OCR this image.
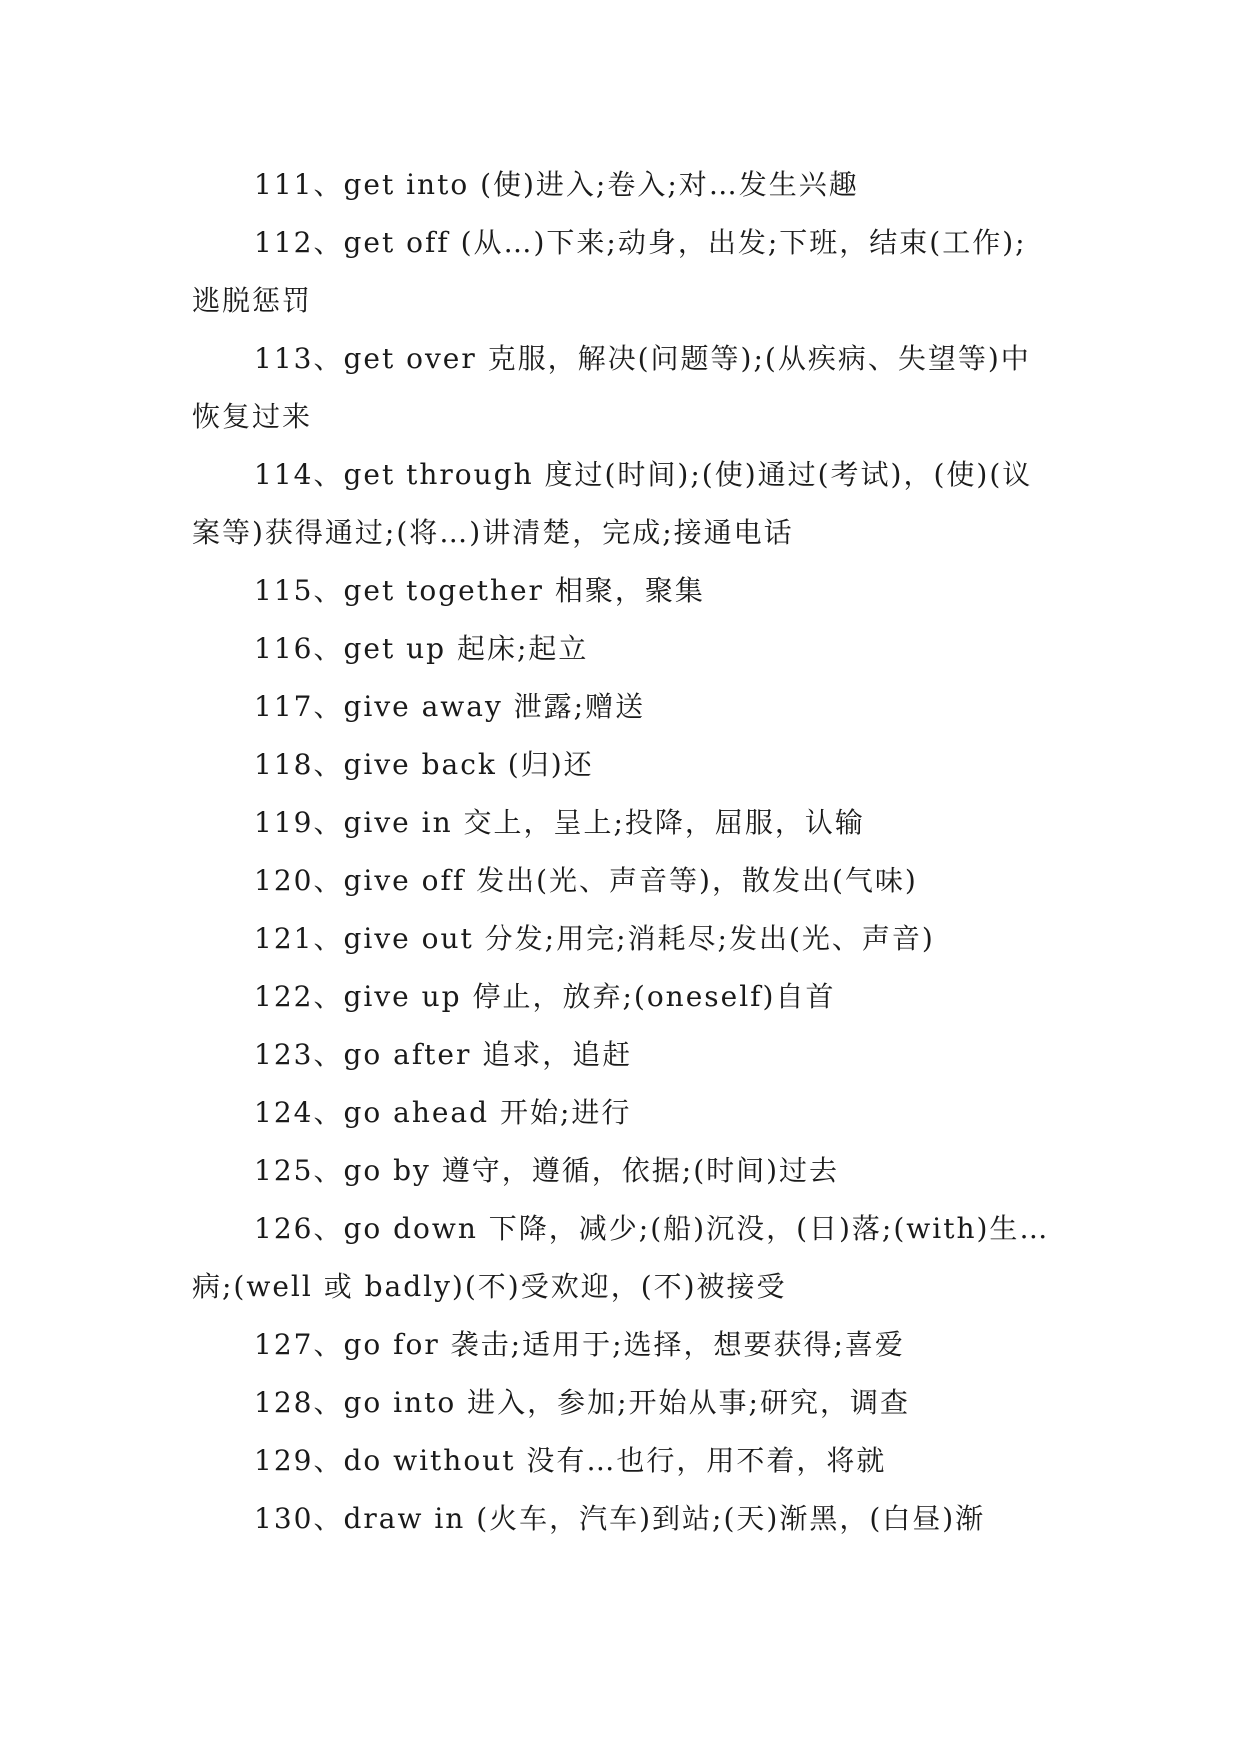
111、get into (使)进入;卷入;对…发生兴趣

112、get off (从…)下来;动身，出发;下班，结束(工作);逃脱惩罚

113、get over 克服，解决(问题等);(从疾病、失望等)中恢复过来

114、get through 度过(时间);(使)通过(考试)，(使)(议案等)获得通过;(将…)讲清楚，完成;接通电话

115、get together 相聚，聚集

116、get up 起床;起立

117、give away 泄露;赠送

118、give back (归)还

119、give in 交上，呈上;投降，屈服，认输

120、give off 发出(光、声音等)，散发出(气味)

121、give out 分发;用完;消耗尽;发出(光、声音)

122、give up 停止，放弃;(oneself)自首

123、go after 追求，追赶

124、go ahead 开始;进行

125、go by 遵守，遵循，依据;(时间)过去

126、go down 下降，减少;(船)沉没，(日)落;(with)生…病;(well 或 badly)(不)受欢迎，(不)被接受

127、go for 袭击;适用于;选择，想要获得;喜爱

128、go into 进入，参加;开始从事;研究，调查

129、do without 没有…也行，用不着，将就

130、draw in (火车，汽车)到站;(天)渐黑，(白昼)渐
